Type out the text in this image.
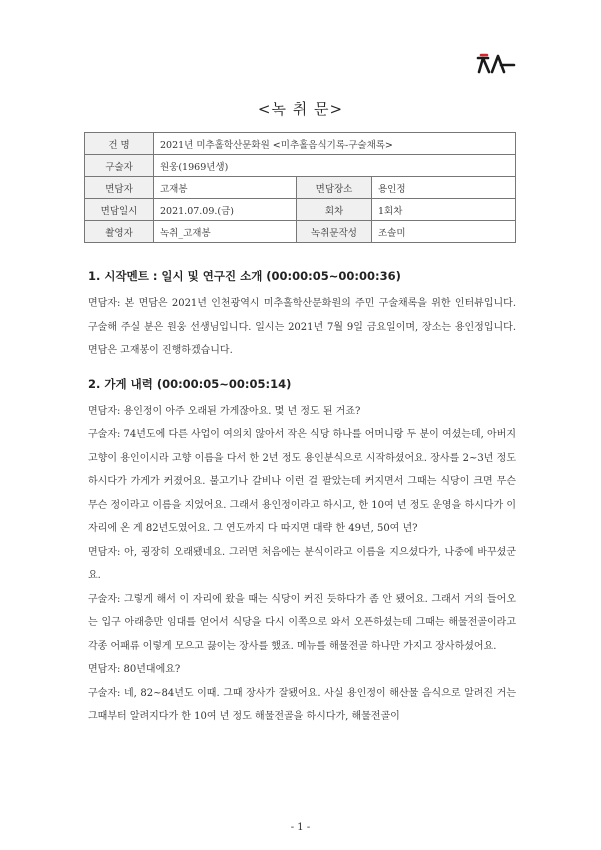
<녹 취 문>
건 명	2021년 미추홀학산문화원 <미추홀음식기록-구술채록>		
구술자	원웅(1969년생)		
면담자	고재봉	면담장소	용인정
면담일시	2021.07.09.(금)	회차	1회차
촬영자	녹취_고재봉	녹취문작성	조솔미
1. 시작멘트 : 일시 및 연구진 소개 (00:00:05~00:00:36)

면담자: 본 면담은 2021년 인천광역시 미추홀학산문화원의 주민 구술채록을 위한 인터뷰입니다. 구술해 주실 분은 원웅 선생님입니다. 일시는 2021년 7월 9일 금요일이며, 장소는 용인정입니다. 면담은 고재봉이 진행하겠습니다.

2. 가게 내력 (00:00:05~00:05:14)

면담자: 용인정이 아주 오래된 가게잖아요. 몇 년 정도 된 거죠?

구술자: 74년도에 다른 사업이 여의치 않아서 작은 식당 하나를 어머니랑 두 분이 여셨는데, 아버지 고향이 용인이시라 고향 이름을 다서 한 2년 정도 용인분식으로 시작하셨어요. 장사를 2~3년 정도 하시다가 가게가 커졌어요. 불고기나 갈비나 이런 걸 팔았는데 커지면서 그때는 식당이 크면 무슨 무슨 정이라고 이름을 지었어요. 그래서 용인정이라고 하시고, 한 10여 년 정도 운영을 하시다가 이 자리에 온 게 82년도였어요. 그 연도까지 다 따지면 대략 한 49년, 50여 년?

면담자: 아, 굉장히 오래됐네요. 그러면 처음에는 분식이라고 이름을 지으셨다가, 나중에 바꾸셨군요.

구술자: 그렇게 해서 이 자리에 왔을 때는 식당이 커진 듯하다가 좀 안 됐어요. 그래서 거의 들어오는 입구 아래층만 임대를 얻어서 식당을 다시 이쪽으로 와서 오픈하셨는데 그때는 해물전골이라고 각종 어패류 이렇게 모으고 끓이는 장사를 했죠. 메뉴를 해물전골 하나만 가지고 장사하셨어요.

면담자: 80년대에요?

구술자: 네, 82~84년도 이때. 그때 장사가 잘됐어요. 사실 용인정이 해산물 음식으로 알려진 거는 그때부터 알려지다가 한 10여 년 정도 해물전골을 하시다가, 해물전골이

- 1 -
